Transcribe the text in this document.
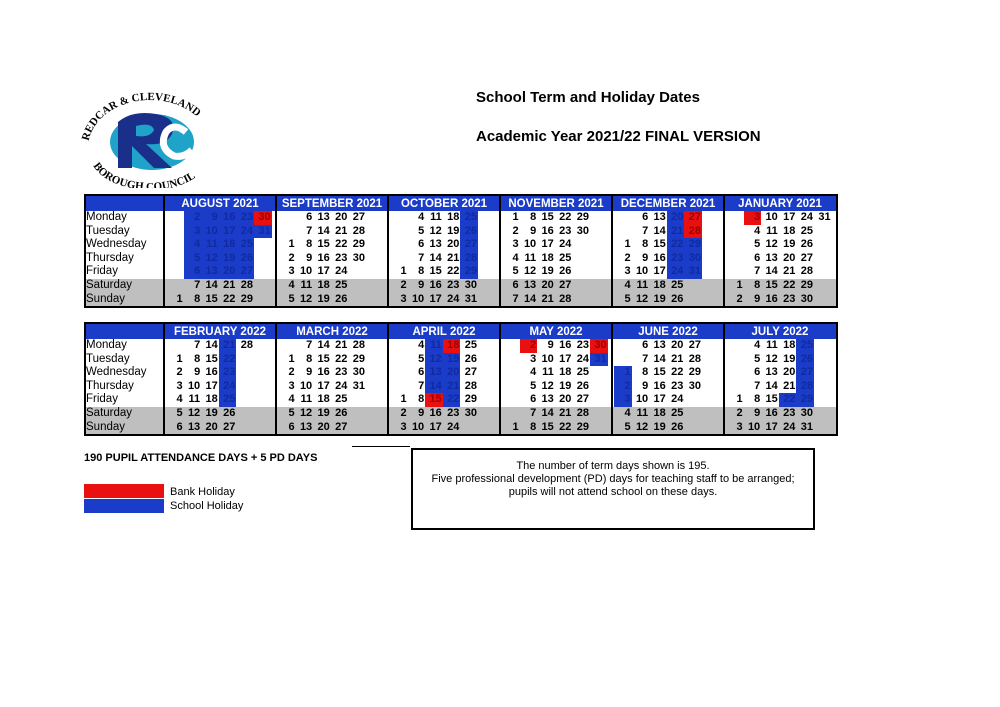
REDCAR & CLEVELAND
BOROUGH COUNCIL
School Term and Holiday Dates
Academic Year 2021/22 FINAL VERSION
Monday
Tuesday
Wednesday
Thursday
Friday
Saturday
Sunday
AUGUST 2021
1
2
3
4
5
6
7
8
9
10
11
12
13
14
15
16
17
18
19
20
21
22
23
24
25
26
27
28
29
30
31
SEPTEMBER 2021
1
2
3
4
5
6
7
8
9
10
11
12
13
14
15
16
17
18
19
20
21
22
23
24
25
26
27
28
29
30
OCTOBER 2021
1
2
3
4
5
6
7
8
9
10
11
12
13
14
15
16
17
18
19
20
21
22
23
24
25
26
27
28
29
30
31
NOVEMBER 2021
1
2
3
4
5
6
7
8
9
10
11
12
13
14
15
16
17
18
19
20
21
22
23
24
25
26
27
28
29
30
DECEMBER 2021
1
2
3
4
5
6
7
8
9
10
11
12
13
14
15
16
17
18
19
20
21
22
23
24
25
26
27
28
29
30
31
JANUARY 2021
1
2
3
4
5
6
7
8
9
10
11
12
13
14
15
16
17
18
19
20
21
22
23
24
25
26
27
28
29
30
31
Monday
Tuesday
Wednesday
Thursday
Friday
Saturday
Sunday
FEBRUARY 2022
1
2
3
4
5
6
7
8
9
10
11
12
13
14
15
16
17
18
19
20
21
22
23
24
25
26
27
28
MARCH 2022
1
2
3
4
5
6
7
8
9
10
11
12
13
14
15
16
17
18
19
20
21
22
23
24
25
26
27
28
29
30
31
APRIL 2022
1
2
3
4
5
6
7
8
9
10
11
12
13
14
15
16
17
18
19
20
21
22
23
24
25
26
27
28
29
30
MAY 2022
1
2
3
4
5
6
7
8
9
10
11
12
13
14
15
16
17
18
19
20
21
22
23
24
25
26
27
28
29
30
31
JUNE 2022
1
2
3
4
5
6
7
8
9
10
11
12
13
14
15
16
17
18
19
20
21
22
23
24
25
26
27
28
29
30
JULY 2022
1
2
3
4
5
6
7
8
9
10
11
12
13
14
15
16
17
18
19
20
21
22
23
24
25
26
27
28
29
30
31
190 PUPIL ATTENDANCE DAYS + 5 PD DAYS
Bank Holiday
School Holiday
The number of term days shown is 195.
Five professional development (PD) days for teaching staff to be arranged;
pupils will not attend school on these days.
